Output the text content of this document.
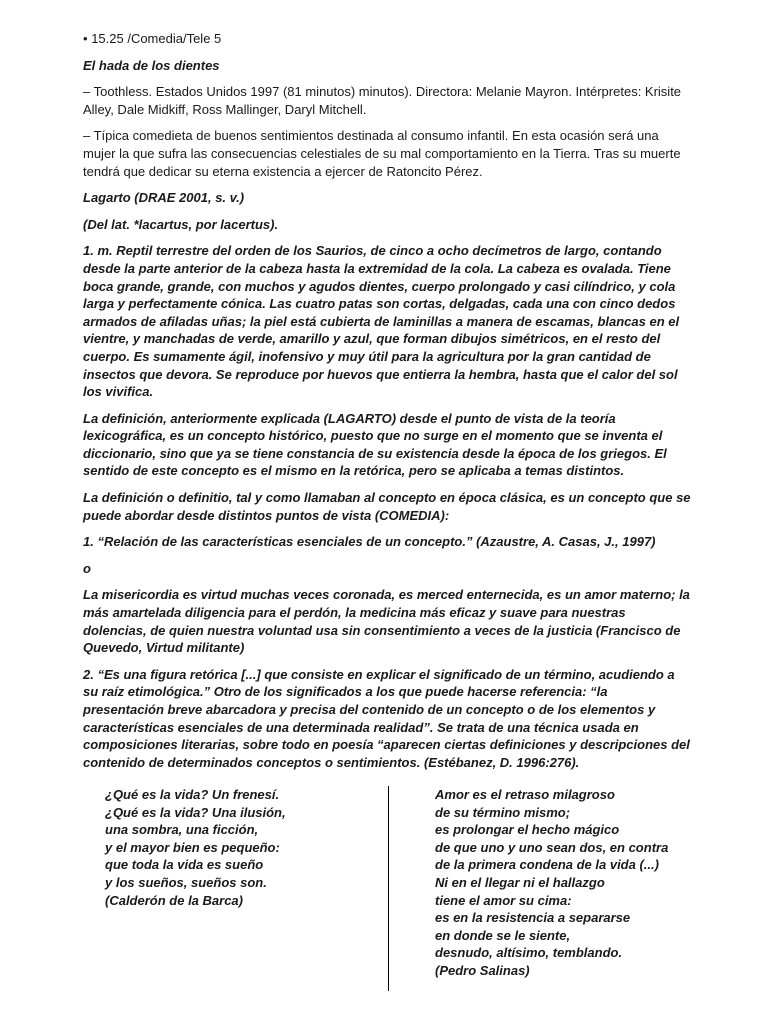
• 15.25 /Comedia/Tele 5

El hada de los dientes

– Toothless. Estados Unidos 1997 (81 minutos) minutos). Directora: Melanie Mayron. Intérpretes: Krisite Alley, Dale Midkiff, Ross Mallinger, Daryl Mitchell.

– Típica comedieta de buenos sentimientos destinada al consumo infantil. En esta ocasión será una mujer la que sufra las consecuencias celestiales de su mal comportamiento en la Tierra. Tras su muerte tendrá que dedicar su eterna existencia a ejercer de Ratoncito Pérez.

Lagarto (DRAE 2001, s. v.)

(Del lat. *lacartus, por lacertus).

1. m. Reptil terrestre del orden de los Saurios, de cinco a ocho decímetros de largo, contando desde la parte anterior de la cabeza hasta la extremidad de la cola. La cabeza es ovalada. Tiene boca grande, grande, con muchos y agudos dientes, cuerpo prolongado y casi cilíndrico, y cola larga y perfectamente cónica. Las cuatro patas son cortas, delgadas, cada una con cinco dedos armados de afiladas uñas; la piel está cubierta de laminillas a manera de escamas, blancas en el vientre, y manchadas de verde, amarillo y azul, que forman dibujos simétricos, en el resto del cuerpo. Es sumamente ágil, inofensivo y muy útil para la agricultura por la gran cantidad de insectos que devora. Se reproduce por huevos que entierra la hembra, hasta que el calor del sol los vivifica.

La definición, anteriormente explicada (LAGARTO) desde el punto de vista de la teoría lexicográfica, es un concepto histórico, puesto que no surge en el momento que se inventa el diccionario, sino que ya se tiene constancia de su existencia desde la época de los griegos. El sentido de este concepto es el mismo en la retórica, pero se aplicaba a temas distintos.

La definición o definitio, tal y como llamaban al concepto en época clásica, es un concepto que se puede abordar desde distintos puntos de vista (COMEDIA):

1. “Relación de las características esenciales de un concepto.” (Azaustre, A. Casas, J., 1997)

o

La misericordia es virtud muchas veces coronada, es merced enternecida, es un amor materno; la más amartelada diligencia para el perdón, la medicina más eficaz y suave para nuestras dolencias, de quien nuestra voluntad usa sin consentimiento a veces de la justicia (Francisco de Quevedo, Virtud militante)

2. “Es una figura retórica [...] que consiste en explicar el significado de un término, acudiendo a su raíz etimológica.” Otro de los significados a los que puede hacerse referencia: “la presentación breve abarcadora y precisa del contenido de un concepto o de los elementos y características esenciales de una determinada realidad”. Se trata de una técnica usada en composiciones literarias, sobre todo en poesía “aparecen ciertas definiciones y descripciones del contenido de determinados conceptos o sentimientos. (Estébanez, D. 1996:276).

¿Qué es la vida? Un frenesí.
¿Qué es la vida? Una ilusión,
una sombra, una ficción,
y el mayor bien es pequeño:
que toda la vida es sueño
y los sueños, sueños son.
(Calderón de la Barca)
Amor es el retraso milagroso
de su término mismo;
es prolongar el hecho mágico
de que uno y uno sean dos, en contra
de la primera condena de la vida (...)
Ni en el llegar ni el hallazgo
tiene el amor su cima:
es en la resistencia a separarse
en donde se le siente,
desnudo, altísimo, temblando.
(Pedro Salinas)
